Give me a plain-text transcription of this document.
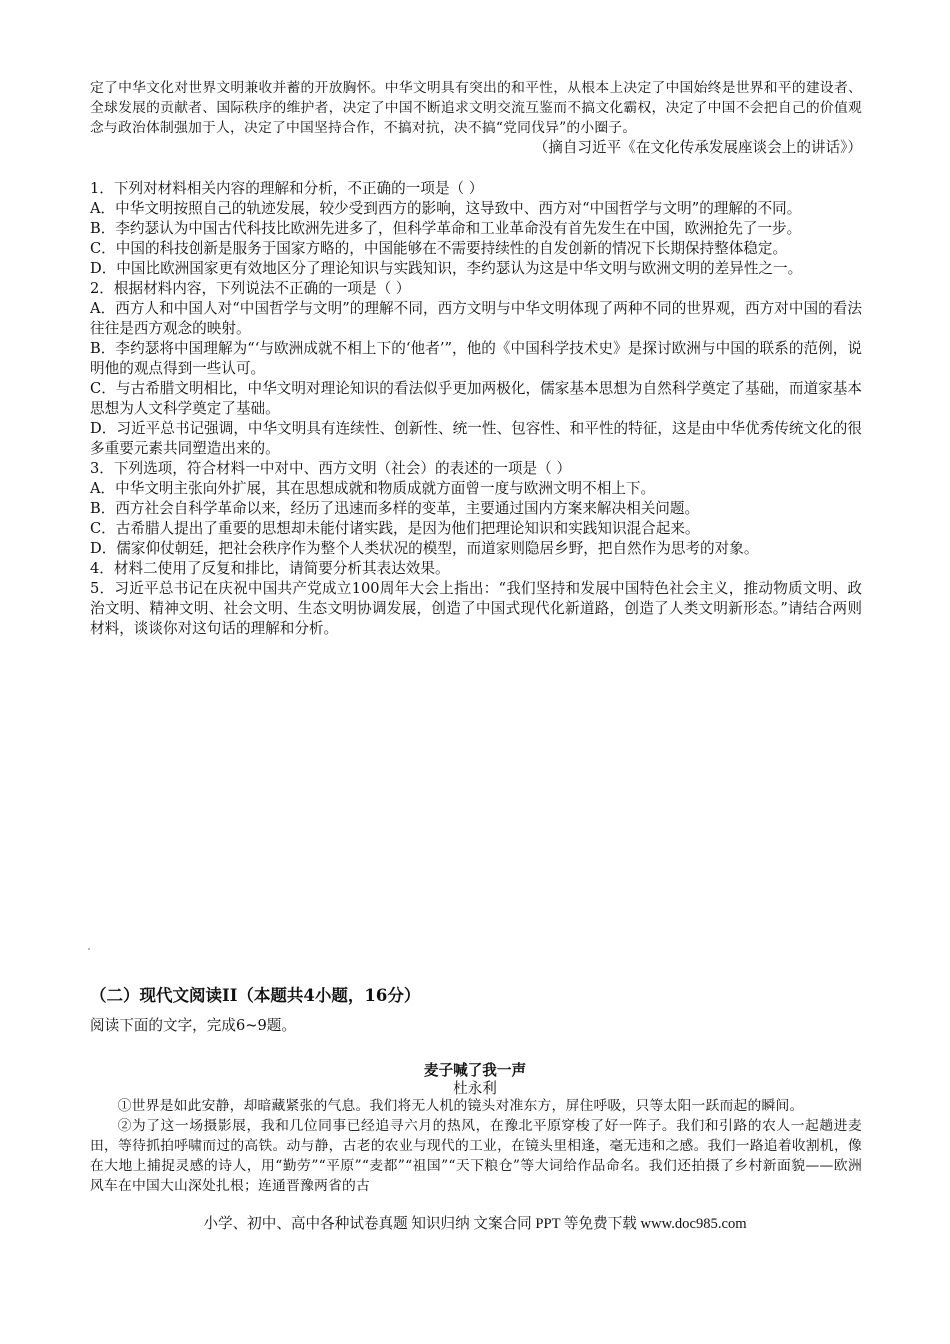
定了中华文化对世界文明兼收并蓄的开放胸怀。中华文明具有突出的和平性，从根本上决定了中国始终是世界和平的建设者、全球发展的贡献者、国际秩序的维护者，决定了中国不断追求文明交流互鉴而不搞文化霸权，决定了中国不会把自己的价值观念与政治体制强加于人，决定了中国坚持合作，不搞对抗，决不搞“党同伐异”的小圈子。

（摘自习近平《在文化传承发展座谈会上的讲话》）

1．下列对材料相关内容的理解和分析，不正确的一项是（ ）

A．中华文明按照自己的轨迹发展，较少受到西方的影响，这导致中、西方对“中国哲学与文明”的理解的不同。

B．李约瑟认为中国古代科技比欧洲先进多了，但科学革命和工业革命没有首先发生在中国，欧洲抢先了一步。

C．中国的科技创新是服务于国家方略的，中国能够在不需要持续性的自发创新的情况下长期保持整体稳定。

D．中国比欧洲国家更有效地区分了理论知识与实践知识，李约瑟认为这是中华文明与欧洲文明的差异性之一。

2．根据材料内容，下列说法不正确的一项是（ ）

A．西方人和中国人对“中国哲学与文明”的理解不同，西方文明与中华文明体现了两种不同的世界观，西方对中国的看法往往是西方观念的映射。

B．李约瑟将中国理解为“‘与欧洲成就不相上下的‘他者’”，他的《中国科学技术史》是探讨欧洲与中国的联系的范例，说明他的观点得到一些认可。

C．与古希腊文明相比，中华文明对理论知识的看法似乎更加两极化，儒家基本思想为自然科学奠定了基础，而道家基本思想为人文科学奠定了基础。

D．习近平总书记强调，中华文明具有连续性、创新性、统一性、包容性、和平性的特征，这是由中华优秀传统文化的很多重要元素共同塑造出来的。

3．下列选项，符合材料一中对中、西方文明（社会）的表述的一项是（ ）

A．中华文明主张向外扩展，其在思想成就和物质成就方面曾一度与欧洲文明不相上下。

B．西方社会自科学革命以来，经历了迅速而多样的变革，主要通过国内方案来解决相关问题。

C．古希腊人提出了重要的思想却未能付诸实践，是因为他们把理论知识和实践知识混合起来。

D．儒家仰仗朝廷，把社会秩序作为整个人类状况的模型，而道家则隐居乡野，把自然作为思考的对象。

4．材料二使用了反复和排比，请简要分析其表达效果。

5．习近平总书记在庆祝中国共产党成立100周年大会上指出：“我们坚持和发展中国特色社会主义，推动物质文明、政治文明、精神文明、社会文明、生态文明协调发展，创造了中国式现代化新道路，创造了人类文明新形态。”请结合两则材料，谈谈你对这句话的理解和分析。

（二）现代文阅读II（本题共4小题，16分）
阅读下面的文字，完成6~9题。
麦子喊了我一声
杜永利

①世界是如此安静，却暗藏紧张的气息。我们将无人机的镜头对准东方，屏住呼吸，只等太阳一跃而起的瞬间。

②为了这一场摄影展，我和几位同事已经追寻六月的热风，在豫北平原穿梭了好一阵子。我们和引路的农人一起趟进麦田，等待抓拍呼啸而过的高铁。动与静，古老的农业与现代的工业，在镜头里相逢，毫无违和之感。我们一路追着收割机，像在大地上捕捉灵感的诗人，用“勤劳”“平原”“麦都”“祖国”“天下粮仓”等大词给作品命名。我们还拍摄了乡村新面貌——欧洲风车在中国大山深处扎根；连通晋豫两省的古

小学、初中、高中各种试卷真题 知识归纳 文案合同 PPT 等免费下载 www.doc985.com
